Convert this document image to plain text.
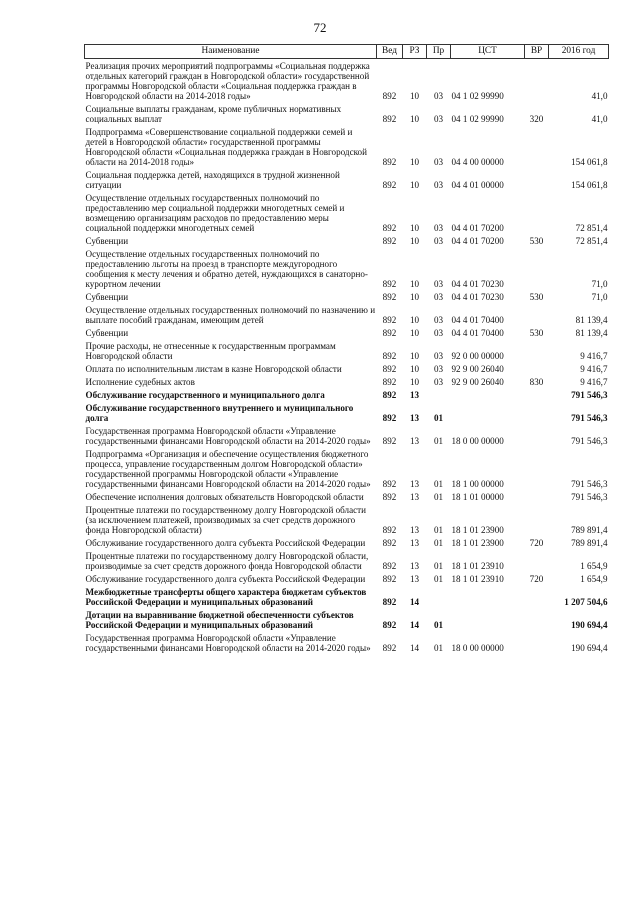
72
Наименование	Вед	РЗ	Пр	ЦСТ	ВР	2016 год
Реализация прочих мероприятий подпрограммы «Социальная поддержка отдельных категорий граждан в Новгородской области» государственной программы Новгородской области «Социальная поддержка граждан в Новгородской области на 2014-2018 годы»	892	10	03	04 1 02 99990		41,0
Социальные выплаты гражданам, кроме публичных нормативных социальных выплат	892	10	03	04 1 02 99990	320	41,0
Подпрограмма «Совершенствование социальной поддержки семей и детей в Новгородской области» государственной программы Новгородской области «Социальная поддержка граждан в Новгородской области на 2014-2018 годы»	892	10	03	04 4 00 00000		154 061,8
Социальная поддержка детей, находящихся в трудной жизненной ситуации	892	10	03	04 4 01 00000		154 061,8
Осуществление отдельных государственных полномочий по предоставлению мер социальной поддержки многодетных семей и возмещению организациям расходов по предоставлению меры социальной поддержки многодетных семей	892	10	03	04 4 01 70200		72 851,4
Субвенции	892	10	03	04 4 01 70200	530	72 851,4
Осуществление отдельных государственных полномочий по предоставлению льготы на проезд в транспорте междугородного сообщения к месту лечения и обратно детей, нуждающихся в санаторно-курортном лечении	892	10	03	04 4 01 70230		71,0
Субвенции	892	10	03	04 4 01 70230	530	71,0
Осуществление отдельных государственных полномочий по назначению и выплате пособий гражданам, имеющим детей	892	10	03	04 4 01 70400		81 139,4
Субвенции	892	10	03	04 4 01 70400	530	81 139,4
Прочие расходы, не отнесенные к государственным программам Новгородской области	892	10	03	92 0 00 00000		9 416,7
Оплата по исполнительным листам в казне Новгородской области	892	10	03	92 9 00 26040		9 416,7
Исполнение судебных актов	892	10	03	92 9 00 26040	830	9 416,7
Обслуживание государственного и муниципального долга	892	13				791 546,3
Обслуживание государственного внутреннего и муниципального долга	892	13	01			791 546,3
Государственная программа Новгородской области «Управление государственными финансами Новгородской области на 2014-2020 годы»	892	13	01	18 0 00 00000		791 546,3
Подпрограмма «Организация и обеспечение осуществления бюджетного процесса, управление государственным долгом Новгородской области» государственной программы Новгородской области «Управление государственными финансами Новгородской области на 2014-2020 годы»	892	13	01	18 1 00 00000		791 546,3
Обеспечение исполнения долговых обязательств Новгородской области	892	13	01	18 1 01 00000		791 546,3
Процентные платежи по государственному долгу Новгородской области (за исключением платежей, производимых за счет средств дорожного фонда Новгородской области)	892	13	01	18 1 01 23900		789 891,4
Обслуживание государственного долга субъекта Российской Федерации	892	13	01	18 1 01 23900	720	789 891,4
Процентные платежи по государственному долгу Новгородской области, производимые за счет средств дорожного фонда Новгородской области	892	13	01	18 1 01 23910		1 654,9
Обслуживание государственного долга субъекта Российской Федерации	892	13	01	18 1 01 23910	720	1 654,9
Межбюджетные трансферты общего характера бюджетам субъектов Российской Федерации и муниципальных образований	892	14				1 207 504,6
Дотации на выравнивание бюджетной обеспеченности субъектов Российской Федерации и муниципальных образований	892	14	01			190 694,4
Государственная программа Новгородской области «Управление государственными финансами Новгородской области на 2014-2020 годы»	892	14	01	18 0 00 00000		190 694,4
